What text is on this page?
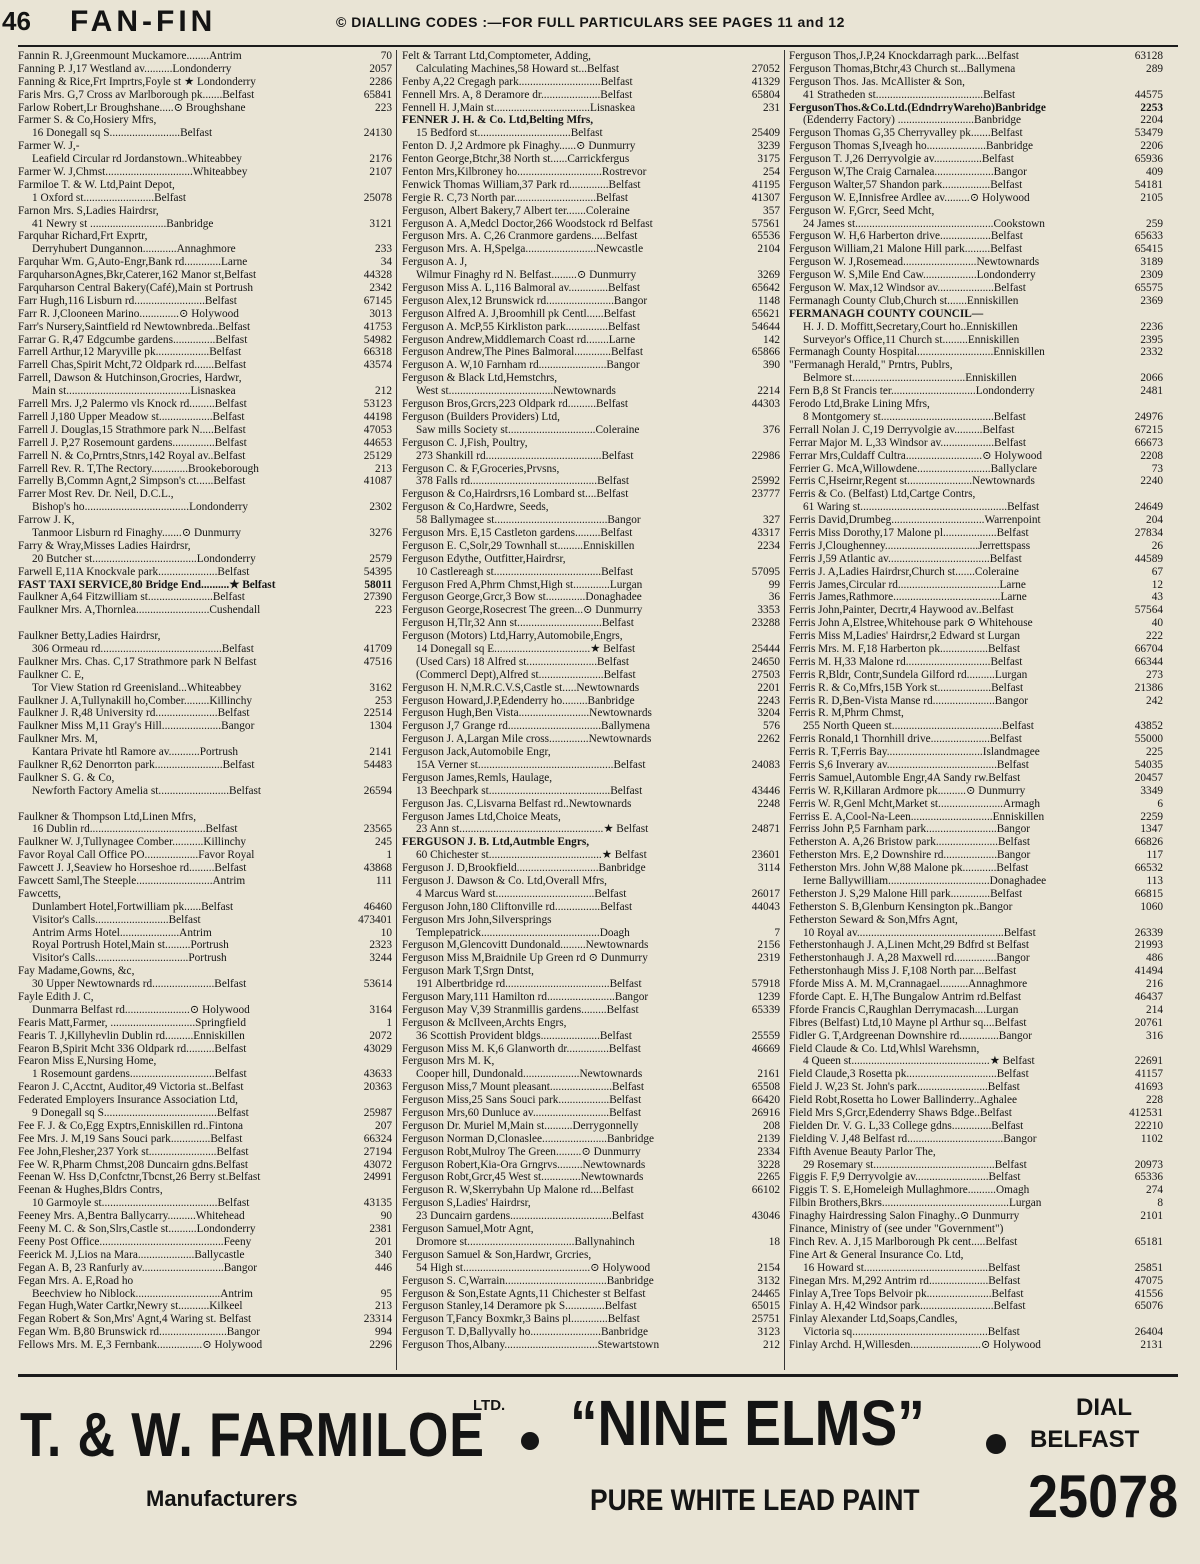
46 FAN-FIN	© DIALLING CODES :—FOR FULL PARTICULARS SEE PAGES 11 and 12
Fannin R. J,Greenmount Muckamore........Antrim	70
Fanning P. J,17 Westland av..........Londonderry	2057
Fanning & Rice,Frt Imprtrs,Foyle st ★ Londonderry	2286
Faris Mrs. G,7 Cross av Marlborough pk.......Belfast	65841
Farlow Robert,Lr Broughshane.....⊙ Broughshane	223
Farmer S. & Co,Hosiery Mfrs,
16 Donegall sq S.........................Belfast	24130
Farmer W. J,-
Leafield Circular rd Jordanstown..Whiteabbey	2176
Farmer W. J,Chmst...............................Whiteabbey	2107
Farmiloe T. & W. Ltd,Paint Depot,
1 Oxford st.........................Belfast	25078
Farnon Mrs. S,Ladies Hairdrsr,
41 Newry st ...........................Banbridge	3121
Farquhar Richard,Frt Exprtr,
Derryhubert Dungannon............Annaghmore	233
Farquhar Wm. G,Auto-Engr,Bank rd.............Larne	34
FarquharsonAgnes,Bkr,Caterer,162 Manor st,Belfast	44328
Farquharson Central Bakery(Café),Main st Portrush	2342
Farr Hugh,116 Lisburn rd.........................Belfast	67145
Farr R. J,Clooneen Marino..............⊙ Holywood	3013
Farr's Nursery,Saintfield rd Newtownbreda..Belfast	41753
Farrar G. R,47 Edgcumbe gardens...............Belfast	54982
Farrell Arthur,12 Maryville pk...................Belfast	66318
Farrell Chas,Spirit Mcht,72 Oldpark rd.......Belfast	43574
Farrell, Dawson & Hutchinson,Grocries, Hardwr,
Main st............................................Lisnaskea	212
Farrell Mrs. J,2 Palermo vls Knock rd.........Belfast	53123
Farrell J,180 Upper Meadow st...................Belfast	44198
Farrell J. Douglas,15 Strathmore park N.....Belfast	47053
Farrell J. P,27 Rosemount gardens...............Belfast	44653
Farrell N. & Co,Prntrs,Stnrs,142 Royal av..Belfast	25129
Farrell Rev. R. T,The Rectory.............Brookeborough	213
Farrelly B,Commn Agnt,2 Simpson's ct......Belfast	41087
Farrer Most Rev. Dr. Neil, D.C.L.,
Bishop's ho.....................................Londonderry	2302
Farrow J. K,
Tanmoor Lisburn rd Finaghy.......⊙ Dunmurry	3276
Farry & Wray,Misses Ladies Hairdrsr,
20 Butcher st.....................................Londonderry	2579
Farwell E,11A Knockvale park.....................Belfast	54395
FAST TAXI SERVICE,80 Bridge End..........★ Belfast	58011
Faulkner A,64 Fitzwilliam st.......................Belfast	27390
Faulkner Mrs. A,Thornlea..........................Cushendall	223
Faulkner Betty,Ladies Hairdrsr,
306 Ormeau rd...........................................Belfast	41709
Faulkner Mrs. Chas. C,17 Strathmore park N Belfast	47516
Faulkner C. E,
Tor View Station rd Greenisland...Whiteabbey	3162
Faulkner J. A,Tullynakill ho,Comber.........Killinchy	253
Faulkner J. R,48 University rd......................Belfast	22514
Faulkner Miss M,11 Gray's Hill.....................Bangor	1304
Faulkner Mrs. M,
Kantara Private htl Ramore av...........Portrush	2141
Faulkner R,62 Denorrton park........................Belfast	54483
Faulkner S. G. & Co,
Newforth Factory Amelia st.........................Belfast	26594
Faulkner & Thompson Ltd,Linen Mfrs,
16 Dublin rd.........................................Belfast	23565
Faulkner W. J,Tullynagee Comber...........Killinchy	245
Favor Royal Call Office PO...................Favor Royal	1
Fawcett J. J,Seaview ho Horseshoe rd.........Belfast	43868
Fawcett Saml,The Steeple...........................Antrim	111
Fawcetts,
Dunlambert Hotel,Fortwilliam pk......Belfast	46460
Visitor's Calls..........................Belfast	473401
Antrim Arms Hotel.....................Antrim	10
Royal Portrush Hotel,Main st.........Portrush	2323
Visitor's Calls.................................Portrush	3244
Fay Madame,Gowns, &c,
30 Upper Newtownards rd......................Belfast	53614
Fayle Edith J. C,
Dunmarra Belfast rd.......................⊙ Holywood	3164
Fearis Matt,Farmer, ..............................Springfield	1
Fearis T. J,Killyhevlin Dublin rd..........Enniskillen	2072
Fearon B,Spirit Mcht 336 Oldpark rd..........Belfast	43029
Fearon Miss E,Nursing Home,
1 Rosemount gardens..............................Belfast	43633
Fearon J. C,Acctnt, Auditor,49 Victoria st..Belfast	20363
Federated Employers Insurance Association Ltd,
9 Donegall sq S........................................Belfast	25987
Fee F. J. & Co,Egg Exptrs,Enniskillen rd..Fintona	207
Fee Mrs. J. M,19 Sans Souci park..............Belfast	66324
Fee John,Flesher,237 York st........................Belfast	27194
Fee W. R,Pharm Chmst,208 Duncairn gdns.Belfast	43072
Feenan W. Hss D,Confctnr,Tbcnst,26 Berry st.Belfast	24991
Feenan & Hughes,Bldrs Contrs,
10 Garmoyle st.........................................Belfast	43135
Feeney Mrs. A,Bentra Ballycarry..........Whitehead	90
Feeny M. C. & Son,Slrs,Castle st..........Londonderry	2381
Feeny Post Office............................................Feeny	201
Feerick M. J,Lios na Mara....................Ballycastle	340
Fegan A. B, 23 Ranfurly av.............................Bangor	446
Fegan Mrs. A. E,Road ho
Beechview ho Niblock..............................Antrim	95
Fegan Hugh,Water Cartkr,Newry st...........Kilkeel	213
Fegan Robert & Son,Mrs' Agnt,4 Waring st. Belfast	23314
Fegan Wm. B,80 Brunswick rd........................Bangor	994
Fellows Mrs. M. E,3 Fernbank................⊙ Holywood	2296
Felt & Tarrant Ltd,Comptometer, Adding,
Calculating Machines,58 Howard st...Belfast	27052
Fenby A,22 Cregagh park.............................Belfast	41329
Fennell Mrs. A, 8 Deramore dr.....................Belfast	65804
Fennell H. J,Main st..................................Lisnaskea	231
FENNER J. H. & Co. Ltd,Belting Mfrs,
15 Bedford st.................................Belfast	25409
Fenton D. J,2 Ardmore pk Finaghy......⊙ Dunmurry	3239
Fenton George,Btchr,38 North st......Carrickfergus	3175
Fenton Mrs,Kilbroney ho..............................Rostrevor	254
Fenwick Thomas William,37 Park rd..............Belfast	41195
Fergie R. C,73 North par.............................Belfast	41307
Ferguson, Albert Bakery,7 Albert ter.......Coleraine	357
Ferguson A. A,Medcl Doctor,266 Woodstock rd Belfast	57561
Ferguson Mrs. A. C,26 Cranmore gardens.....Belfast	65536
Ferguson Mrs. A. H,Spelga.........................Newcastle	2104
Ferguson A. J,
Wilmur Finaghy rd N. Belfast.........⊙ Dunmurry	3269
Ferguson Miss A. L,116 Balmoral av..............Belfast	65642
Ferguson Alex,12 Brunswick rd........................Bangor	1148
Ferguson Alfred A. J,Broomhill pk Centl......Belfast	65621
Ferguson A. McP,55 Kirkliston park...............Belfast	54644
Ferguson Andrew,Middlemarch Coast rd........Larne	142
Ferguson Andrew,The Pines Balmoral.............Belfast	65866
Ferguson A. W,10 Farnham rd........................Bangor	390
Ferguson & Black Ltd,Hemstchrs,
West st.....................................Newtownards	2214
Ferguson Bros,Grcrs,223 Oldpark rd..........Belfast	44303
Ferguson (Builders Providers) Ltd,
Saw mills Society st...............................Coleraine	376
Ferguson C. J,Fish, Poultry,
273 Shankill rd.........................................Belfast	22986
Ferguson C. & F,Groceries,Prvsns,
378 Falls rd.............................................Belfast	25992
Ferguson & Co,Hairdrsrs,16 Lombard st....Belfast	23777
Ferguson & Co,Hardwre, Seeds,
58 Ballymagee st........................................Bangor	327
Ferguson Mrs. E,15 Castleton gardens.........Belfast	43317
Ferguson E. C,Solr,29 Townhall st.........Enniskillen	2234
Ferguson Edythe, Outfitter,Hairdrsr,
10 Castlereagh st......................................Belfast	57095
Ferguson Fred A,Phrm Chmst,High st.............Lurgan	99
Ferguson George,Grcr,3 Bow st..............Donaghadee	36
Ferguson George,Rosecrest The green...⊙ Dunmurry	3353
Ferguson H,Tlr,32 Ann st..............................Belfast	23288
Ferguson (Motors) Ltd,Harry,Automobile,Engrs,
14 Donegall sq E..................................★ Belfast	25444
(Used Cars) 18 Alfred st.........................Belfast	24650
(Commercl Dept),Alfred st.......................Belfast	27503
Ferguson H. N,M.R.C.V.S,Castle st.....Newtownards	2201
Ferguson Howard,J.P,Edenderry ho.........Banbridge	2243
Ferguson Hugh,Ben Vista.........................Newtownards	3204
Ferguson J,7 Grange rd.................................Ballymena	576
Ferguson J. A,Largan Mile cross..............Newtownards	2262
Ferguson Jack,Automobile Engr,
15A Verner st................................................Belfast	24083
Ferguson James,Remls, Haulage,
13 Beechpark st...........................................Belfast	43446
Ferguson Jas. C,Lisvarna Belfast rd..Newtownards	2248
Ferguson James Ltd,Choice Meats,
23 Ann st...................................................★ Belfast	24871
FERGUSON J. B. Ltd,Autmble Engrs,
60 Chichester st........................................★ Belfast	23601
Ferguson J. D,Brookfield.............................Banbridge	3114
Ferguson J. Dawson & Co. Ltd,Overall Mfrs,
4 Marcus Ward st...................................Belfast	26017
Ferguson John,180 Cliftonville rd................Belfast	44043
Ferguson Mrs John,Silversprings
Templepatrick..........................................Doagh	7
Ferguson M,Glencovitt Dundonald.........Newtownards	2156
Ferguson Miss M,Braidnile Up Green rd ⊙ Dunmurry	2319
Ferguson Mark T,Srgn Dntst,
191 Albertbridge rd.....................................Belfast	57918
Ferguson Mary,111 Hamilton rd........................Bangor	1239
Ferguson May V,39 Stranmillis gardens.........Belfast	65339
Ferguson & McIlveen,Archts Engrs,
36 Scottish Provident bldgs.....................Belfast	25559
Ferguson Miss M. K,6 Glanworth dr...............Belfast	46669
Ferguson Mrs M. K,
Cooper hill, Dundonald....................Newtownards	2161
Ferguson Miss,7 Mount pleasant......................Belfast	65508
Ferguson Miss,25 Sans Souci park..................Belfast	66420
Ferguson Mrs,60 Dunluce av...........................Belfast	26916
Ferguson Dr. Muriel M,Main st..........Derrygonnelly	208
Ferguson Norman D,Clonaslee.......................Banbridge	2139
Ferguson Robt,Mulroy The Green.........⊙ Dunmurry	2334
Ferguson Robert,Kia-Ora Grngrvs.........Newtownards	3228
Ferguson Robt,Grcr,45 West st..............Newtownards	2265
Ferguson R. W,Skerrybahn Up Malone rd....Belfast	66102
Ferguson S,Ladies' Hairdrsr,
23 Duncairn gardens....................................Belfast	43046
Ferguson Samuel,Motr Agnt,
Dromore st......................................Ballynahinch	18
Ferguson Samuel & Son,Hardwr, Grcries,
54 High st.............................................⊙ Holywood	2154
Ferguson S. C,Warrain....................................Banbridge	3132
Ferguson & Son,Estate Agnts,11 Chichester st Belfast	24465
Ferguson Stanley,14 Deramore pk S..............Belfast	65015
Ferguson T,Fancy Boxmkr,3 Bains pl.............Belfast	25751
Ferguson T. D,Ballyvally ho.........................Banbridge	3123
Ferguson Thos,Albany.................................Stewartstown	212
Ferguson Thos,J.P,24 Knockdarragh park....Belfast	63128
Ferguson Thomas,Btchr,43 Church st...Ballymena	289
Ferguson Thos. Jas. McAllister & Son,
41 Stratheden st......................................Belfast	44575
FergusonThos.&Co.Ltd.(EdndrryWareho)Banbridge	2253
(Edenderry Factory) ...........................Banbridge	2204
Ferguson Thomas G,35 Cherryvalley pk.......Belfast	53479
Ferguson Thomas S,Iveagh ho.....................Banbridge	2206
Ferguson T. J,26 Derryvolgie av.................Belfast	65936
Ferguson W,The Craig Carnalea.....................Bangor	409
Ferguson Walter,57 Shandon park.................Belfast	54181
Ferguson W. E,Innisfree Ardlee av.........⊙ Holywood	2105
Ferguson W. F,Grcr, Seed Mcht,
24 James st.................................................Cookstown	259
Ferguson W. H,6 Harberton drive..................Belfast	65633
Ferguson William,21 Malone Hill park.........Belfast	65415
Ferguson W. J,Rosemead..........................Newtownards	3189
Ferguson W. S,Mile End Caw...................Londonderry	2309
Ferguson W. Max,12 Windsor av....................Belfast	65575
Fermanagh County Club,Church st.......Enniskillen	2369
FERMANAGH COUNTY COUNCIL—
H. J. D. Moffitt,Secretary,Court ho..Enniskillen	2236
Surveyor's Office,11 Church st.........Enniskillen	2395
Fermanagh County Hospital...........................Enniskillen	2332
"Fermanagh Herald," Prntrs, Publrs,
Belmore st........................................Enniskillen	2066
Fern B,8 St Francis ter..............................Londonderry	2481
Ferodo Ltd,Brake Lining Mfrs,
8 Montgomery st........................................Belfast	24976
Ferrall Nolan J. C,19 Derryvolgie av..........Belfast	67215
Ferrar Major M. L,33 Windsor av...................Belfast	66673
Ferrar Mrs,Culdaff Cultra...........................⊙ Holywood	2208
Ferrier G. McA,Willowdene..........................Ballyclare	73
Ferris C,Hseirnr,Regent st.......................Newtownards	2240
Ferris & Co. (Belfast) Ltd,Cartge Contrs,
61 Waring st....................................................Belfast	24649
Ferris David,Drumbeg.................................Warrenpoint	204
Ferris Miss Dorothy,17 Malone pl...................Belfast	27834
Ferris J,Cloughenney.................................Jerrettspass	26
Ferris J,59 Atlantic av....................................Belfast	44589
Ferris J. A,Ladies Hairdrsr,Church st.......Coleraine	67
Ferris James,Circular rd....................................Larne	12
Ferris James,Rathmore......................................Larne	43
Ferris John,Painter, Decrtr,4 Haywood av..Belfast	57564
Ferris John A,Elstree,Whitehouse park ⊙ Whitehouse	40
Ferris Miss M,Ladies' Hairdrsr,2 Edward st Lurgan	222
Ferris Mrs. M. F,18 Harberton pk.................Belfast	66704
Ferris M. H,33 Malone rd..............................Belfast	66344
Ferris R,Bldr, Contr,Sundela Gilford rd..........Lurgan	273
Ferris R. & Co,Mfrs,15B York st...................Belfast	21386
Ferris R. D,Ben-Vista Manse rd......................Bangor	242
Ferris R. M,Phrm Chmst,
255 North Queen st.......................................Belfast	43852
Ferris Ronald,1 Thornhill drive.....................Belfast	55000
Ferris R. T,Ferris Bay..................................Islandmagee	225
Ferris S,6 Inverary av.......................................Belfast	54035
Ferris Samuel,Automble Engr,4A Sandy rw.Belfast	20457
Ferris W. R,Killaran Ardmore pk..........⊙ Dunmurry	3349
Ferris W. R,Genl Mcht,Market st.......................Armagh	6
Ferriss E. A,Cool-Na-Leen.............................Enniskillen	2259
Ferriss John P,5 Farnham park.........................Bangor	1347
Fetherston A. A,26 Bristow park......................Belfast	66826
Fetherston Mrs. E,2 Downshire rd...................Bangor	117
Fetherston Mrs. John W,88 Malone pk............Belfast	66532
Ierne Ballywilliam....................................Donaghadee	113
Fetherston J. S,29 Malone Hill park..............Belfast	66815
Fetherston S. B,Glenburn Kensington pk..Bangor	1060
Fetherston Seward & Son,Mfrs Agnt,
10 Royal av....................................................Belfast	26339
Fetherstonhaugh J. A,Linen Mcht,29 Bdfrd st Belfast	21993
Fetherstonhaugh J. A,28 Maxwell rd...............Bangor	486
Fetherstonhaugh Miss J. F,108 North par....Belfast	41494
Fforde Miss A. M. M,Crannagael..........Annaghmore	216
Fforde Capt. E. H,The Bungalow Antrim rd.Belfast	46437
Fforde Francis C,Raughlan Derrymacash....Lurgan	214
Fibres (Belfast) Ltd,10 Mayne pl Arthur sq....Belfast	20761
Fidler G. T,Ardgreenan Downshire rd..............Bangor	316
Field Claude & Co. Ltd,Whlsl Warehsmn,
4 Queen st.................................................★ Belfast	22691
Field Claude,3 Rosetta pk................................Belfast	41157
Field J. W,23 St. John's park.........................Belfast	41693
Field Robt,Rosetta ho Lower Ballinderry..Aghalee	228
Field Mrs S,Grcr,Edenderry Shaws Bdge..Belfast	412531
Fielden Dr. V. G. L,33 College gdns..............Belfast	22210
Fielding V. J,48 Belfast rd..................................Bangor	1102
Fifth Avenue Beauty Parlor The,
29 Rosemary st...........................................Belfast	20973
Figgis F. F,9 Derryvolgie av..........................Belfast	65336
Figgis T. S. E,Homeleigh Mullaghmore..........Omagh	274
Filbin Brothers,Bkrs.............................................Lurgan	8
Finaghy Hairdressing Salon Finaghy..⊙ Dunmurry	2101
Finance, Ministry of (see under "Government")
Finch Rev. A. J,15 Marlborough Pk cent.....Belfast	65181
Fine Art & General Insurance Co. Ltd,
16 Howard st............................................Belfast	25851
Finegan Mrs. M,292 Antrim rd.....................Belfast	47075
Finlay A,Tree Tops Belvoir pk.......................Belfast	41556
Finlay A. H,42 Windsor park..........................Belfast	65076
Finlay Alexander Ltd,Soaps,Candles,
Victoria sq................................................Belfast	26404
Finlay Archd. H,Willesden.........................⊙ Holywood	2131
T. & W. FARMILOE
LTD.
Manufacturers
“NINE ELMS”
PURE WHITE LEAD PAINT
DIAL
BELFAST
25078
